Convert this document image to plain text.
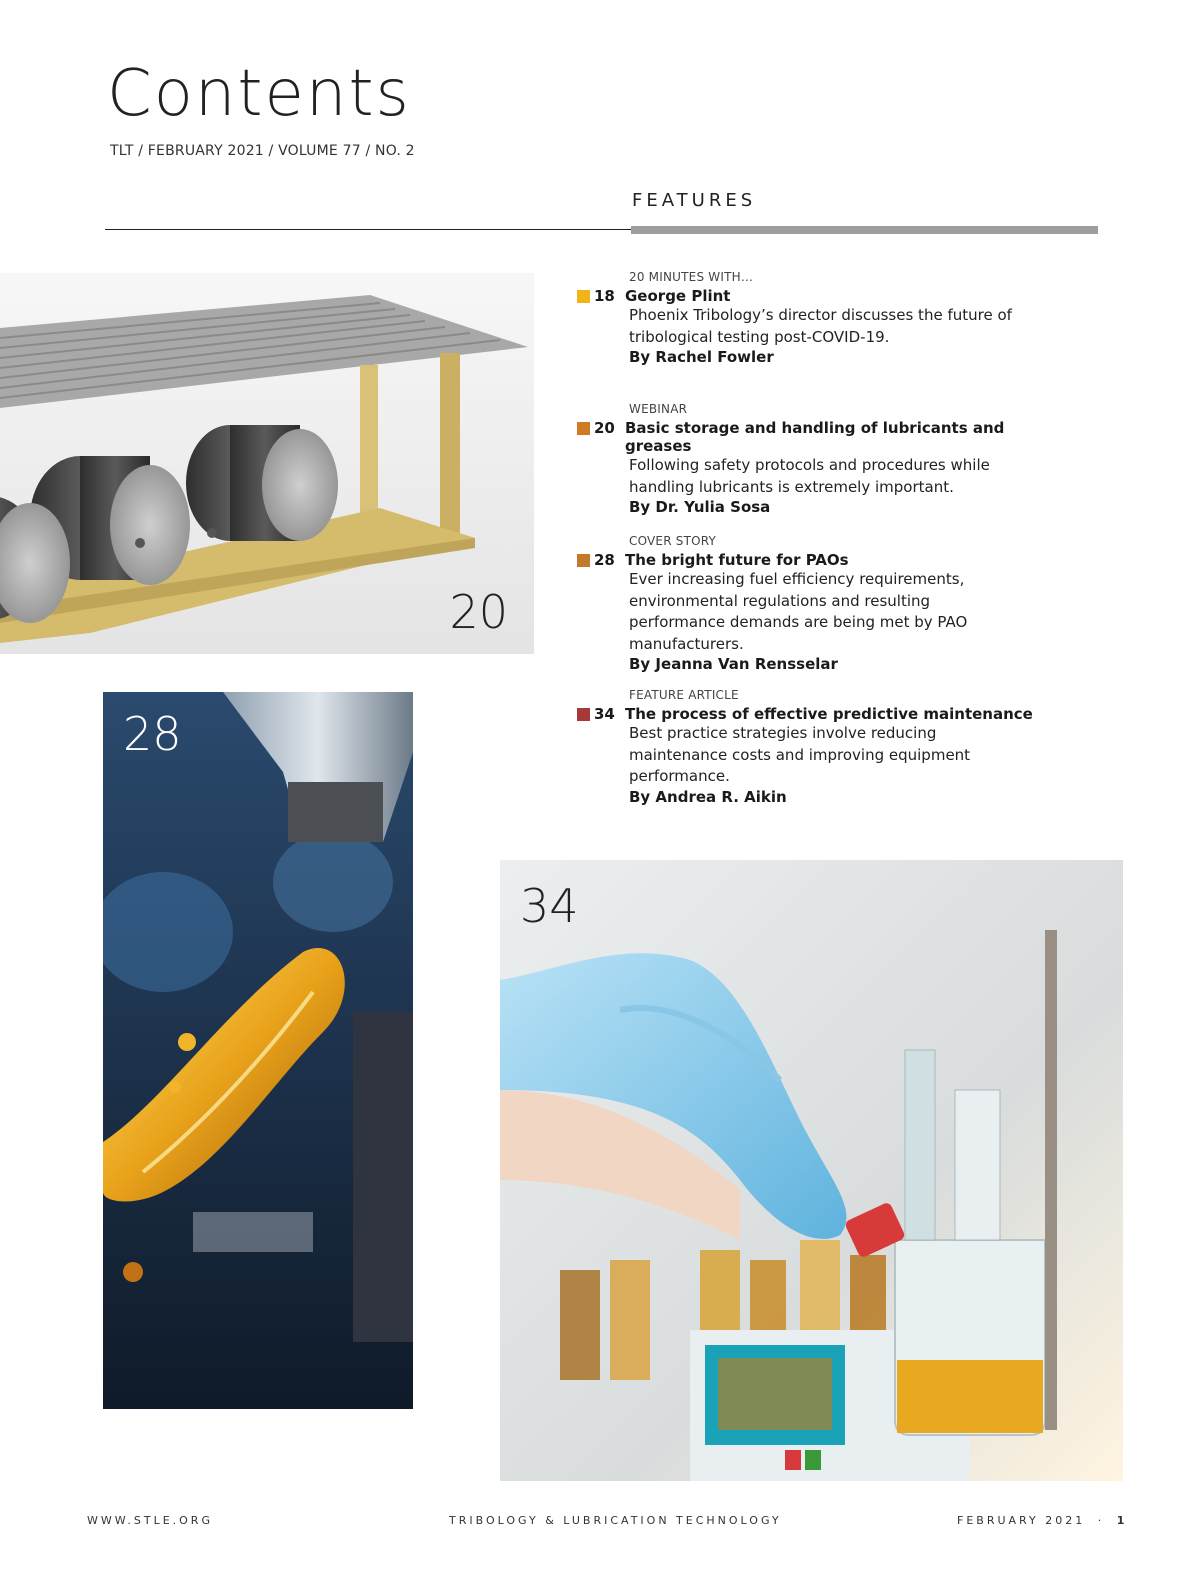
Contents
TLT / FEBRUARY 2021 / VOLUME 77 / NO. 2
FEATURES
20
28
34
20 MINUTES WITH…
18 George Plint
Phoenix Tribology’s director discusses the future of tribological testing post-COVID-19.
By Rachel Fowler
WEBINAR
20 Basic storage and handling of lubricants and greases
Following safety protocols and procedures while handling lubricants is extremely important.
By Dr. Yulia Sosa
COVER STORY
28 The bright future for PAOs
Ever increasing fuel efficiency requirements, environmental regulations and resulting performance demands are being met by PAO manufacturers.
By Jeanna Van Rensselar
FEATURE ARTICLE
34 The process of effective predictive maintenance
Best practice strategies involve reducing maintenance costs and improving equipment performance.
By Andrea R. Aikin
WWW.STLE.ORG	TRIBOLOGY & LUBRICATION TECHNOLOGY	FEBRUARY 2021 · 1
